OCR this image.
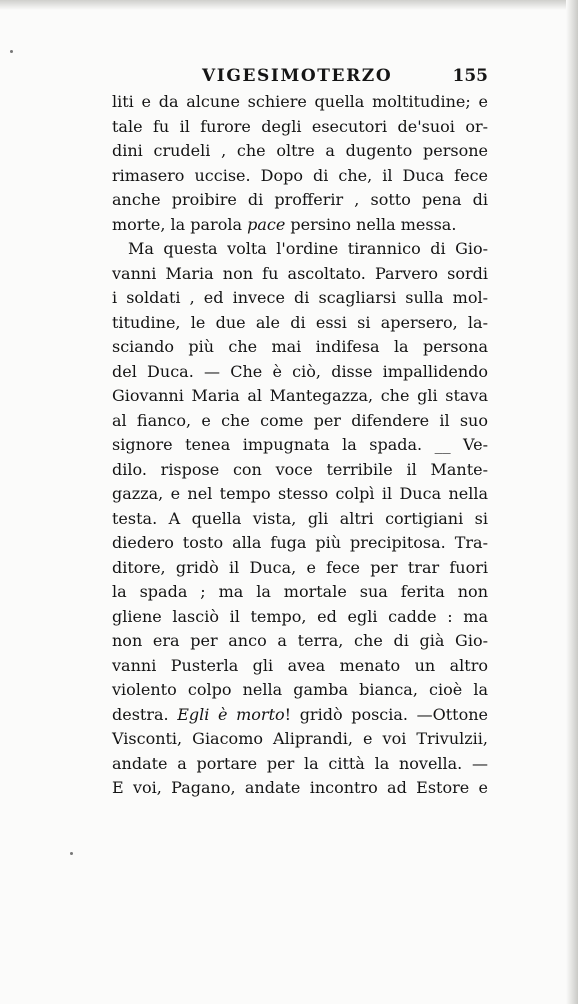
VIGESIMOTERZO	155
liti e da alcune schiere quella moltitudine; e
tale fu il furore degli esecutori de'suoi or-
dini crudeli , che oltre a dugento persone
rimasero uccise. Dopo di che, il Duca fece
anche proibire di profferir , sotto pena di
morte, la parola pace persino nella messa.
Ma questa volta l'ordine tirannico di Gio-
vanni Maria non fu ascoltato. Parvero sordi
i soldati , ed invece di scagliarsi sulla mol-
titudine, le due ale di essi si apersero, la-
sciando più che mai indifesa la persona
del Duca. — Che è ciò, disse impallidendo
Giovanni Maria al Mantegazza, che gli stava
al fianco, e che come per difendere il suo
signore tenea impugnata la spada. __ Ve-
dilo. rispose con voce terribile il Mante-
gazza, e nel tempo stesso colpì il Duca nella
testa. A quella vista, gli altri cortigiani si
diedero tosto alla fuga più precipitosa. Tra-
ditore, gridò il Duca, e fece per trar fuori
la spada ; ma la mortale sua ferita non
gliene lasciò il tempo, ed egli cadde : ma
non era per anco a terra, che di già Gio-
vanni Pusterla gli avea menato un altro
violento colpo nella gamba bianca, cioè la
destra. Egli è morto! gridò poscia. —Ottone
Visconti, Giacomo Aliprandi, e voi Trivulzii,
andate a portare per la città la novella. —
E voi, Pagano, andate incontro ad Estore e
